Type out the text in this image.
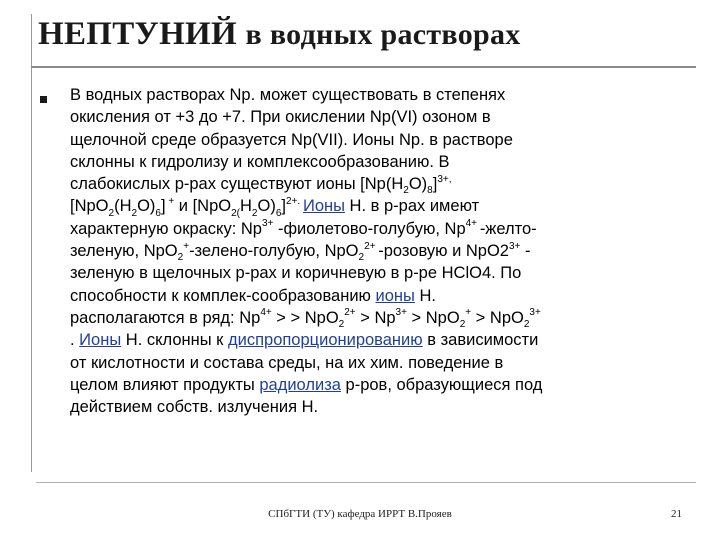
НЕПТУНИЙ в водных растворах
В водных растворах Np. может существовать в степенях
окисления от +3 до +7. При окислении Np(VI) озоном в
щелочной среде образуется Np(VII). Ионы Np. в растворе
склонны к гидролизу и комплексообразованию. В
слабокислых р-рах существуют ионы $[Np(H_2O)_8]^{3+,}$
$[NpO_2(H_2O)_6]$ + и $[NpO_{2(}H_2O)_6]^{2+.}$ Ионы Н. в р-рах имеют
характерную окраску: $Np^{3+}$ -фиолетово-голубую, $Np^{4+}$ -желто-
зеленую, NpO$_2$+-зелено-голубую, NpO$_2^{2+}$ -розовую и $NpO2^{3+}$ -
зеленую в щелочных р-рах и коричневую в р-ре HClO4. По
способности к комплек-сообразованию ионы Н.
располагаются в ряд: $Np^{4+}$ > > $NpO_2^{2+} > Np^{3+} > NpO_2^+ > NpO_2^{3+}$
. Ионы Н. склонны к диспропорционированию в зависимости
от кислотности и состава среды, на их хим. поведение в
целом влияют продукты радиолиза р-ров, образующиеся под
действием собств. излучения Н.
СПбГТИ (ТУ) кафедра ИРРТ В.Прояев	21
